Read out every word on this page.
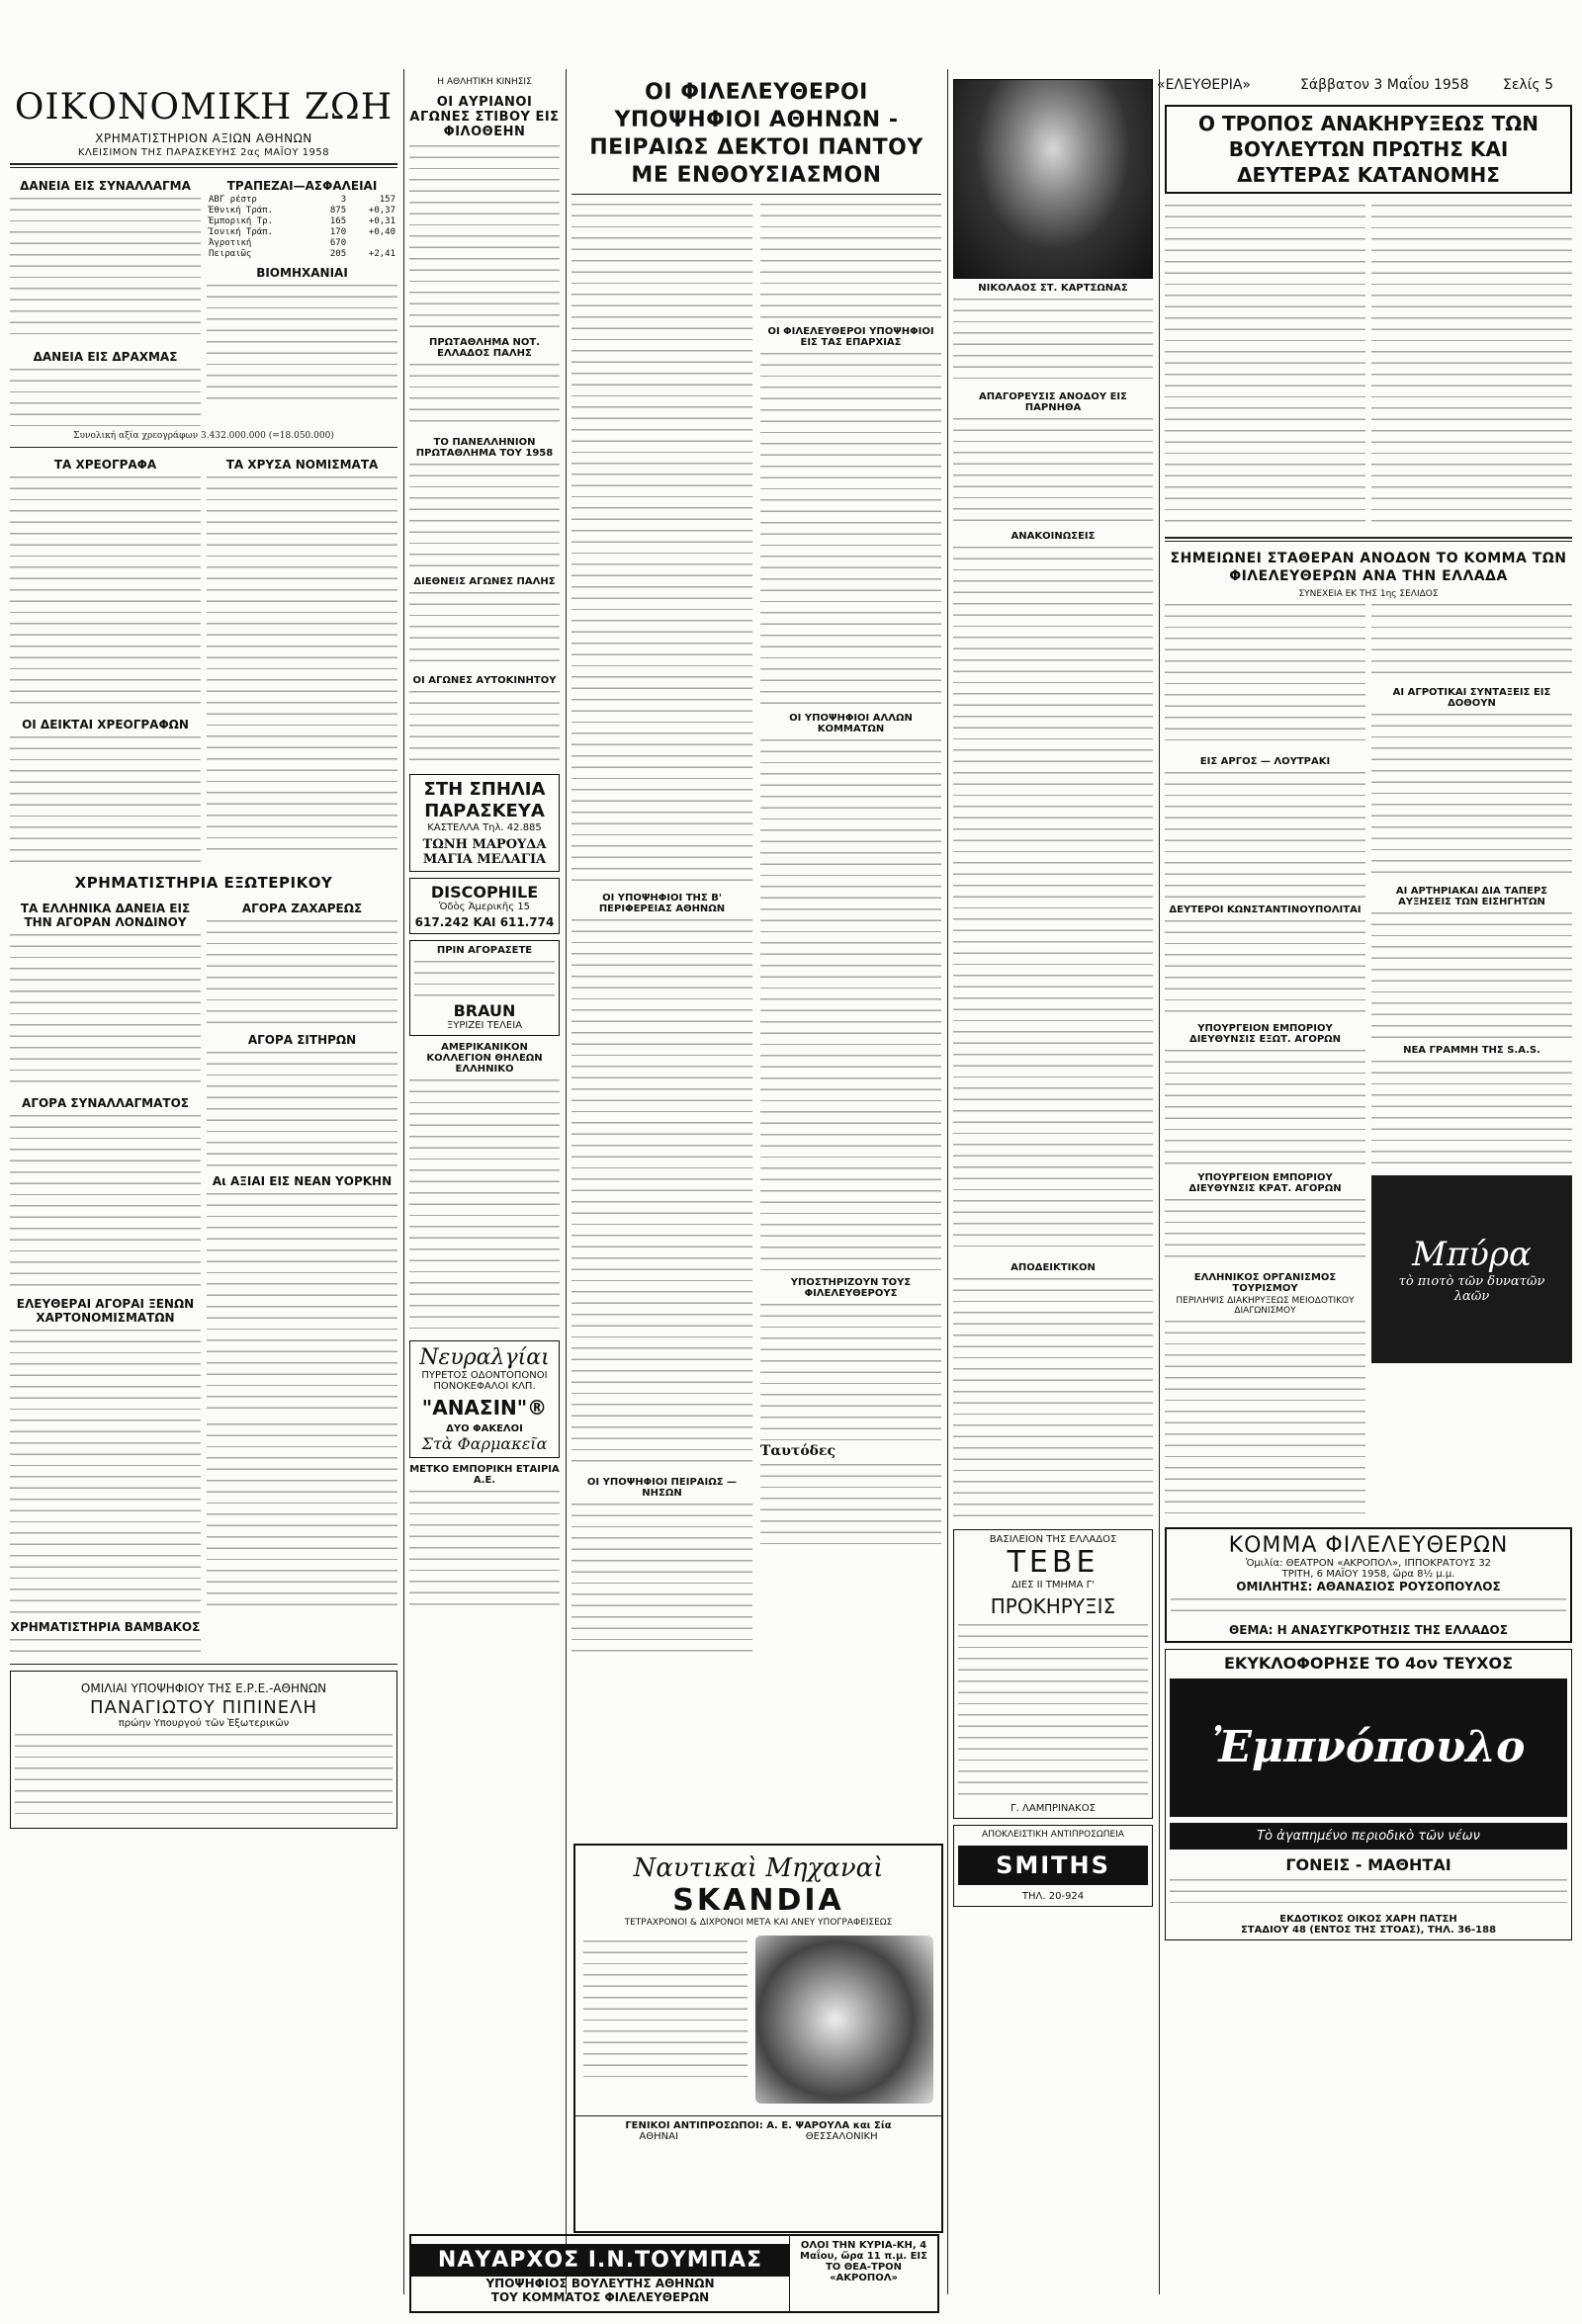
«ΕΛΕΥΘΕΡΙΑ»	Σάββατον 3 Μαΐου 1958 Σελίς 5
ΟΙΚΟΝΟΜΙΚΗ ΖΩΗ
ΧΡΗΜΑΤΙΣΤΗΡΙΟΝ ΑΞΙΩΝ ΑΘΗΝΩΝ
ΚΛΕΙΣΙΜΟΝ ΤΗΣ ΠΑΡΑΣΚΕΥΗΣ 2ας ΜΑΪΟΥ 1958
ΔΑΝΕΙΑ ΕΙΣ ΣΥΝΑΛΛΑΓΜΑ
ΔΑΝΕΙΑ ΕΙΣ ΔΡΑΧΜΑΣ
ΤΡΑΠΕΖΑΙ—ΑΣΦΑΛΕΙΑΙ
ΑΒΓ ρέστρ	3	157
Ἐθνική Τράπ.	875	+0,37
Ἐμπορική Τρ.	165	+0,31
Ἰονική Τράπ.	170	+0,40
Ἀγροτική	670	
Πειραιῶς	205	+2,41
ΒΙΟΜΗΧΑΝΙΑΙ
Συνολική αξία χρεογράφων 3.432.000.000 (=18.050.000)
ΤΑ ΧΡΕΟΓΡΑΦΑ
ΟΙ ΔΕΙΚΤΑΙ ΧΡΕΟΓΡΑΦΩΝ
ΤΑ ΧΡΥΣΑ ΝΟΜΙΣΜΑΤΑ
ΧΡΗΜΑΤΙΣΤΗΡΙΑ ΕΞΩΤΕΡΙΚΟΥ
ΤΑ ΕΛΛΗΝΙΚΑ ΔΑΝΕΙΑ ΕΙΣ ΤΗΝ ΑΓΟΡΑΝ ΛΟΝΔΙΝΟΥ
ΑΓΟΡΑ ΣΥΝΑΛΛΑΓΜΑΤΟΣ
ΕΛΕΥΘΕΡΑΙ ΑΓΟΡΑΙ ΞΕΝΩΝ ΧΑΡΤΟΝΟΜΙΣΜΑΤΩΝ
ΧΡΗΜΑΤΙΣΤΗΡΙΑ ΒΑΜΒΑΚΟΣ
ΑΓΟΡΑ ΖΑΧΑΡΕΩΣ
ΑΓΟΡΑ ΣΙΤΗΡΩΝ
Αι ΑΞΙΑΙ ΕΙΣ ΝΕΑΝ ΥΟΡΚΗΝ
ΟΜΙΛΙΑΙ ΥΠΟΨΗΦΙΟΥ ΤΗΣ Ε.Ρ.Ε.-ΑΘΗΝΩΝ
ΠΑΝΑΓΙΩΤΟΥ ΠΙΠΙΝΕΛΗ
πρώην Υπουργού τῶν Ἐξωτερικῶν
Η ΑΘΛΗΤΙΚΗ ΚΙΝΗΣΙΣ
ΟΙ ΑΥΡΙΑΝΟΙ ΑΓΩΝΕΣ ΣΤΙΒΟΥ ΕΙΣ ΦΙΛΟΘΕΗΝ
ΠΡΩΤΑΘΛΗΜΑ ΝΟΤ. ΕΛΛΑΔΟΣ ΠΑΛΗΣ
ΤΟ ΠΑΝΕΛΛΗΝΙΟΝ ΠΡΩΤΑΘΛΗΜΑ ΤΟΥ 1958
ΔΙΕΘΝΕΙΣ ΑΓΩΝΕΣ ΠΑΛΗΣ
ΟΙ ΑΓΩΝΕΣ ΑΥΤΟΚΙΝΗΤΟΥ
ΣΤΗ ΣΠΗΛΙΑ ΠΑΡΑΣΚΕΥΑ
ΚΑΣΤΕΛΛΑ Τηλ. 42.885
ΤΩΝΗ ΜΑΡΟΥΔΑ
ΜΑΓΙΑ ΜΕΛΑΓΙΑ
DISCOPHILE
Ὁδὸς Ἀμερικῆς 15
617.242 ΚΑΙ 611.774
ΠΡΙΝ ΑΓΟΡΑΣΕΤΕ
BRAUN
ΞΥΡΙΖΕΙ ΤΕΛΕΙΑ
ΑΜΕΡΙΚΑΝΙΚΟΝ ΚΟΛΛΕΓΙΟΝ ΘΗΛΕΩΝ ΕΛΛΗΝΙΚΟ
Νευραλγίαι
ΠΥΡΕΤΟΣ ΟΔΟΝΤΟΠΟΝΟΙ ΠΟΝΟΚΕΦΑΛΟΙ ΚΛΠ.
"ΑΝΑΣΙΝ"®
ΔΥΟ ΦΑΚΕΛΟΙ
Στὰ Φαρμακεῖα
ΜΕΤΚΟ ΕΜΠΟΡΙΚΗ ΕΤΑΙΡΙΑ Α.Ε.
ΟΙ ΦΙΛΕΛΕΥΘΕΡΟΙ ΥΠΟΨΗΦΙΟΙ ΑΘΗΝΩΝ - ΠΕΙΡΑΙΩΣ ΔΕΚΤΟΙ ΠΑΝΤΟΥ ΜΕ ΕΝΘΟΥΣΙΑΣΜΟΝ
ΟΙ ΥΠΟΨΗΦΙΟΙ ΤΗΣ Β' ΠΕΡΙΦΕΡΕΙΑΣ ΑΘΗΝΩΝ
ΟΙ ΥΠΟΨΗΦΙΟΙ ΠΕΙΡΑΙΩΣ — ΝΗΣΩΝ
ΟΙ ΦΙΛΕΛΕΥΘΕΡΟΙ ΥΠΟΨΗΦΙΟΙ ΕΙΣ ΤΑΣ ΕΠΑΡΧΙΑΣ
ΟΙ ΥΠΟΨΗΦΙΟΙ ΑΛΛΩΝ ΚΟΜΜΑΤΩΝ
ΥΠΟΣΤΗΡΙΖΟΥΝ ΤΟΥΣ ΦΙΛΕΛΕΥΘΕΡΟΥΣ
Ταυτόδες
Ναυτικαὶ Μηχαναὶ
SKANDIA
ΤΕΤΡΑΧΡΟΝΟΙ & ΔΙΧΡΟΝΟΙ ΜΕΤΑ ΚΑΙ ΑΝΕΥ ΥΠΟΓΡΑΦΕΙΣΕΩΣ
ΓΕΝΙΚΟΙ ΑΝΤΙΠΡΟΣΩΠΟΙ: Α. Ε. ΨΑΡΟΥΛΑ και Σία
ΑΘΗΝΑΙ	ΘΕΣΣΑΛΟΝΙΚΗ
ΝΙΚΟΛΑΟΣ ΣΤ. ΚΑΡΤΣΩΝΑΣ
ΑΠΑΓΟΡΕΥΣΙΣ ΑΝΟΔΟΥ ΕΙΣ ΠΑΡΝΗΘΑ
ΑΝΑΚΟΙΝΩΣΕΙΣ
ΑΠΟΔΕΙΚΤΙΚΟΝ
ΒΑΣΙΛΕΙΟΝ ΤΗΣ ΕΛΛΑΔΟΣ
ΤΕΒΕ
ΔΙΕΣ ΙΙ ΤΜΗΜΑ Γ'
ΠΡΟΚΗΡΥΞΙΣ
Γ. ΛΑΜΠΡΙΝΑΚΟΣ
ΑΠΟΚΛΕΙΣΤΙΚΗ ΑΝΤΙΠΡΟΣΩΠΕΙΑ
SMITHS
ΤΗΛ. 20-924
Ο ΤΡΟΠΟΣ ΑΝΑΚΗΡΥΞΕΩΣ ΤΩΝ ΒΟΥΛΕΥΤΩΝ ΠΡΩΤΗΣ ΚΑΙ ΔΕΥΤΕΡΑΣ ΚΑΤΑΝΟΜΗΣ
ΣΗΜΕΙΩΝΕΙ ΣΤΑΘΕΡΑΝ ΑΝΟΔΟΝ ΤΟ ΚΟΜΜΑ ΤΩΝ ΦΙΛΕΛΕΥΘΕΡΩΝ ΑΝΑ ΤΗΝ ΕΛΛΑΔΑ
ΣΥΝΕΧΕΙΑ ΕΚ ΤΗΣ 1ης ΣΕΛΙΔΟΣ
ΕΙΣ ΑΡΓΟΣ — ΛΟΥΤΡΑΚΙ
ΔΕΥΤΕΡΟΙ ΚΩΝΣΤΑΝΤΙΝΟΥΠΟΛΙΤΑΙ
ΥΠΟΥΡΓΕΙΟΝ ΕΜΠΟΡΙΟΥ ΔΙΕΥΘΥΝΣΙΣ ΕΞΩΤ. ΑΓΟΡΩΝ
ΥΠΟΥΡΓΕΙΟΝ ΕΜΠΟΡΙΟΥ ΔΙΕΥΘΥΝΣΙΣ ΚΡΑΤ. ΑΓΟΡΩΝ
ΕΛΛΗΝΙΚΟΣ ΟΡΓΑΝΙΣΜΟΣ ΤΟΥΡΙΣΜΟΥ
ΠΕΡΙΛΗΨΙΣ ΔΙΑΚΗΡΥΞΕΩΣ ΜΕΙΟΔΟΤΙΚΟΥ ΔΙΑΓΩΝΙΣΜΟΥ
ΑΙ ΑΓΡΟΤΙΚΑΙ ΣΥΝΤΑΞΕΙΣ ΕΙΣ ΔΟΘΟΥΝ
ΑΙ ΑΡΤΗΡΙΑΚΑΙ ΔΙΑ ΤΑΠΕΡΣ ΑΥΞΗΣΕΙΣ ΤΩΝ ΕΙΣΗΓΗΤΩΝ
ΝΕΑ ΓΡΑΜΜΗ ΤΗΣ S.A.S.
Μπύρα
τὸ πιοτὸ τῶν δυνατῶν λαῶν
ΚΟΜΜΑ ΦΙΛΕΛΕΥΘΕΡΩΝ
Ὁμιλία: ΘΕΑΤΡΟΝ «ΑΚΡΟΠΟΛ», ΙΠΠΟΚΡΑΤΟΥΣ 32
ΤΡΙΤΗ, 6 ΜΑΪΟΥ 1958, ὥρα 8½ μ.μ.
ΟΜΙΛΗΤΗΣ: ΑΘΑΝΑΣΙΟΣ ΡΟΥΣΟΠΟΥΛΟΣ
ΘΕΜΑ: Η ΑΝΑΣΥΓΚΡΟΤΗΣΙΣ ΤΗΣ ΕΛΛΑΔΟΣ
ΕΚΥΚΛΟΦΟΡΗΣΕ ΤΟ 4ον ΤΕΥΧΟΣ
Ἐμπνόπουλο
Τὸ ἀγαπημένο περιοδικὸ τῶν νέων
ΓΟΝΕΙΣ - ΜΑΘΗΤΑΙ
ΕΚΔΟΤΙΚΟΣ ΟΙΚΟΣ ΧΑΡΗ ΠΑΤΣΗ
ΣΤΑΔΙΟΥ 48 (ΕΝΤΟΣ ΤΗΣ ΣΤΟΑΣ), ΤΗΛ. 36-188
ΝΑΥΑΡΧΟΣ Ι.Ν.ΤΟΥΜΠΑΣ
ΥΠΟΨΗΦΙΟΣ ΒΟΥΛΕΥΤΗΣ ΑΘΗΝΩΝ
ΤΟΥ ΚΟΜΜΑΤΟΣ ΦΙΛΕΛΕΥΘΕΡΩΝ
ΟΛΟΙ ΤΗΝ ΚΥΡΙΑ-ΚΗ, 4 Μαΐου, ὥρα 11 π.μ. ΕΙΣ ΤΟ ΘΕΑ-ΤΡΟΝ «ΑΚΡΟΠΟΛ»
